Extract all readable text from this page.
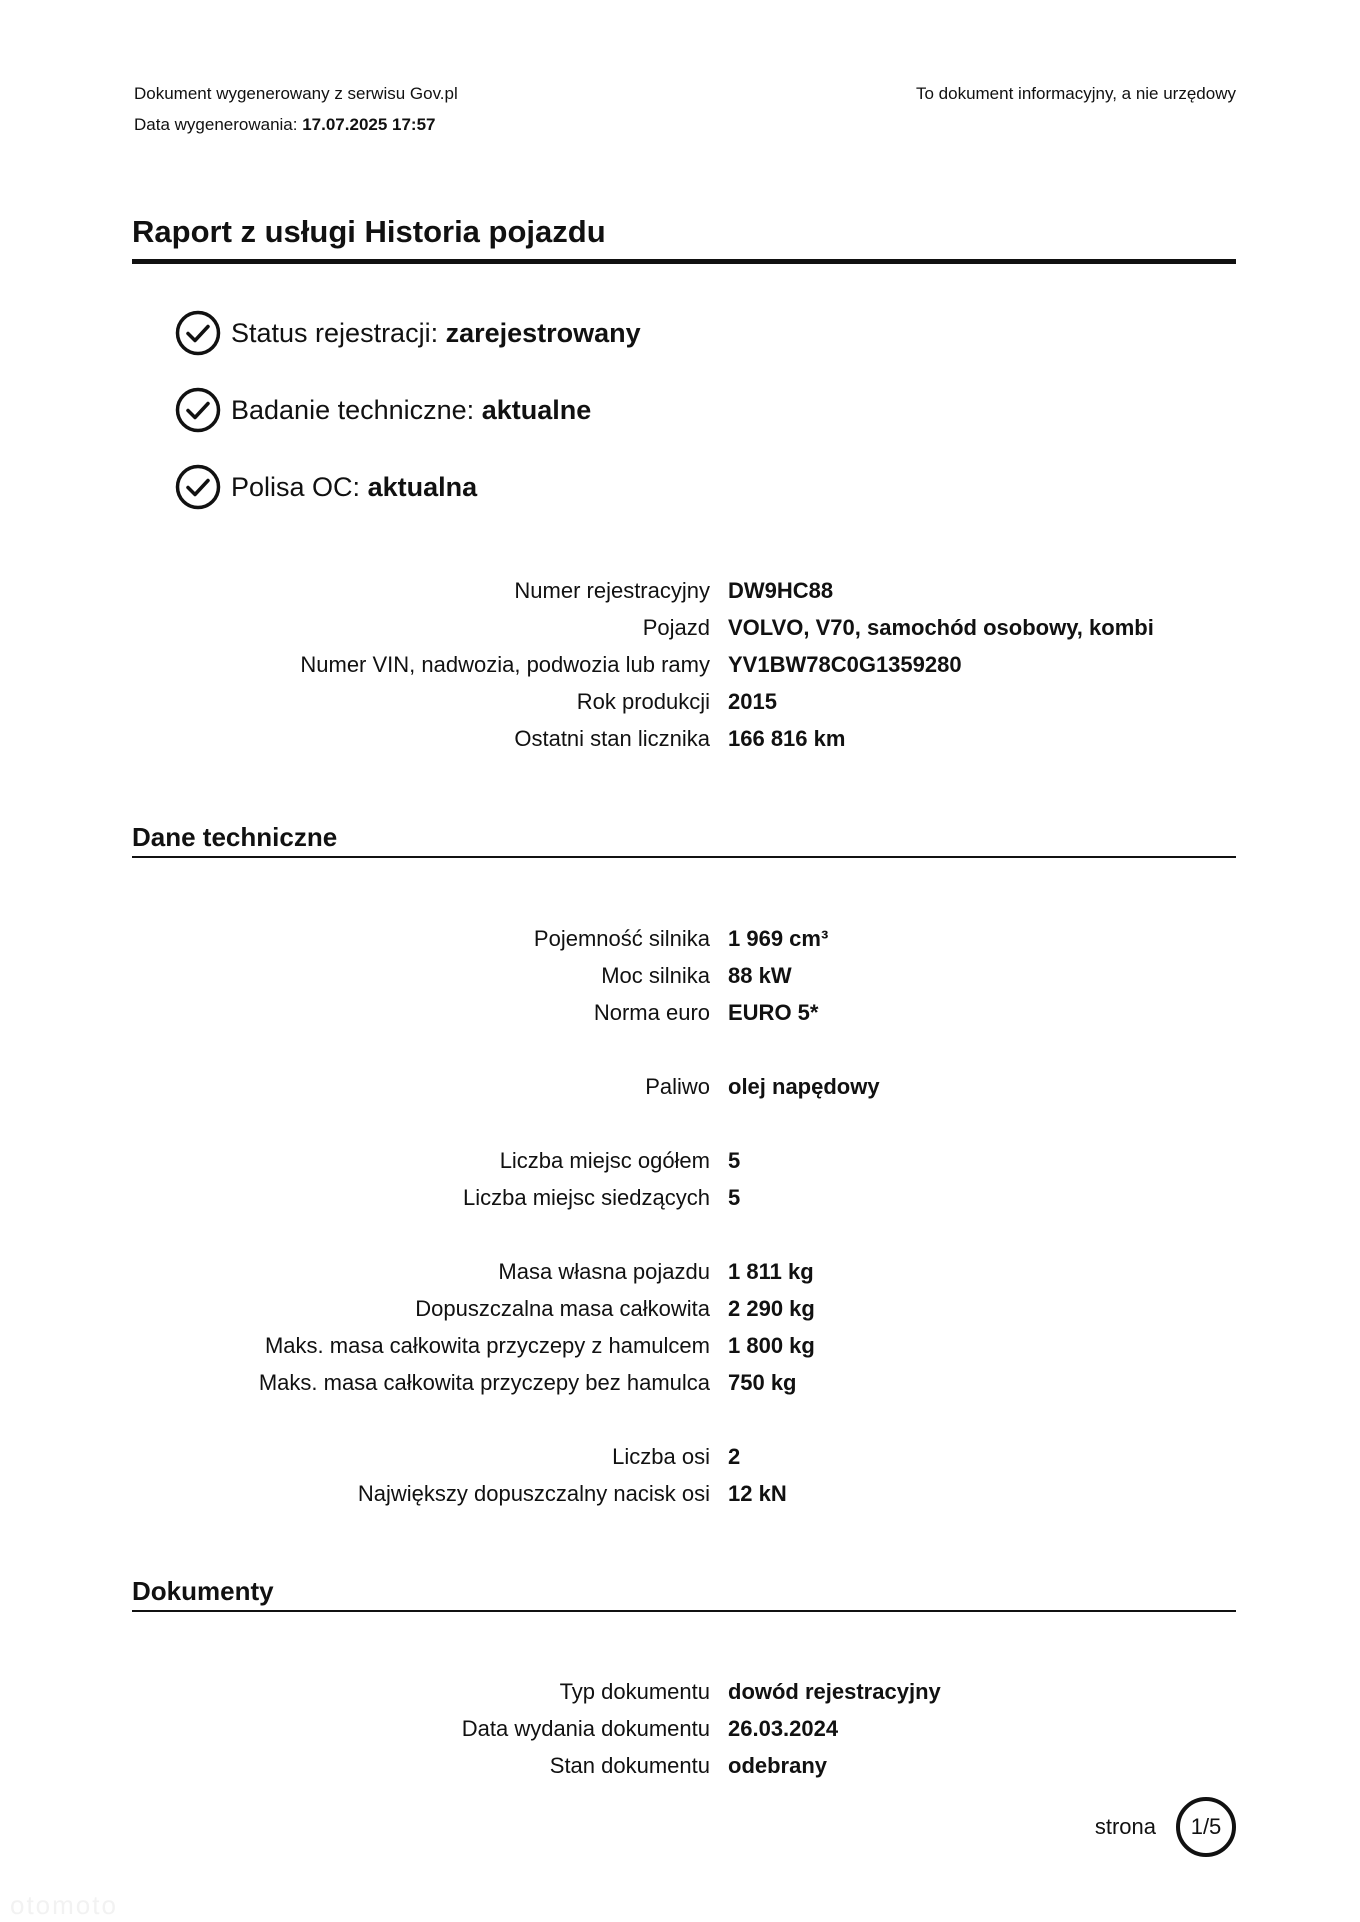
Dokument wygenerowany z serwisu Gov.pl
Data wygenerowania: 17.07.2025 17:57
To dokument informacyjny, a nie urzędowy
Raport z usługi Historia pojazdu
Status rejestracji: zarejestrowany
Badanie techniczne: aktualne
Polisa OC: aktualna
Numer rejestracyjny DW9HC88
Pojazd VOLVO, V70, samochód osobowy, kombi
Numer VIN, nadwozia, podwozia lub ramy YV1BW78C0G1359280
Rok produkcji 2015
Ostatni stan licznika 166 816 km
Dane techniczne
Pojemność silnika 1 969 cm³
Moc silnika 88 kW
Norma euro EURO 5*
Paliwo olej napędowy
Liczba miejsc ogółem 5
Liczba miejsc siedzących 5
Masa własna pojazdu 1 811 kg
Dopuszczalna masa całkowita 2 290 kg
Maks. masa całkowita przyczepy z hamulcem 1 800 kg
Maks. masa całkowita przyczepy bez hamulca 750 kg
Liczba osi 2
Największy dopuszczalny nacisk osi 12 kN
Dokumenty
Typ dokumentu dowód rejestracyjny
Data wydania dokumentu 26.03.2024
Stan dokumentu odebrany
strona 1/5
otomoto
